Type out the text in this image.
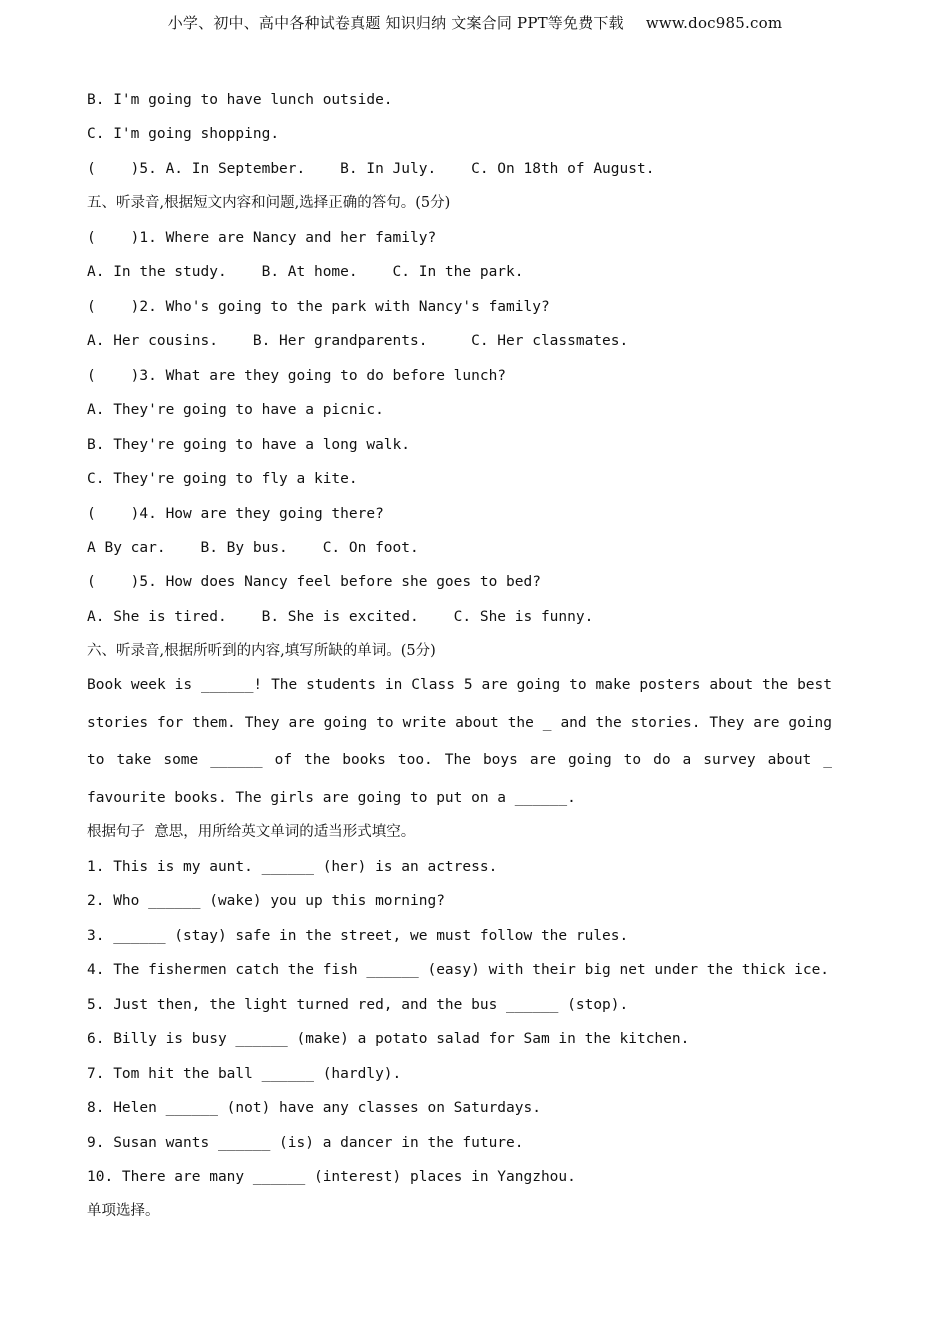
小学、初中、高中各种试卷真题 知识归纳 文案合同 PPT等免费下载 www.doc985.com
B. I'm going to have lunch outside.
C. I'm going shopping.
(    )5. A. In September.    B. In July.    C. On 18th of August.
五、听录音,根据短文内容和问题,选择正确的答句。(5分)
(    )1. Where are Nancy and her family?
A. In the study.    B. At home.    C. In the park.
(    )2. Who's going to the park with Nancy's family?
A. Her cousins.    B. Her grandparents.     C. Her classmates.
(    )3. What are they going to do before lunch?
A. They're going to have a picnic.
B. They're going to have a long walk.
C. They're going to fly a kite.
(    )4. How are they going there?
A By car.    B. By bus.    C. On foot.
(    )5. How does Nancy feel before she goes to bed?
A. She is tired.    B. She is excited.    C. She is funny.
六、听录音,根据所听到的内容,填写所缺的单词。(5分)
Book week is ______! The students in Class 5 are going to make posters about the best stories for them. They are going to write about the _ and the stories. They are going to take some ______ of the books too. The boys are going to do a survey about _ favourite books. The girls are going to put on a ______.
根据句子  意思，用所给英文单词的适当形式填空。
1. This is my aunt. ______ (her) is an actress.
2. Who ______ (wake) you up this morning?
3. ______ (stay) safe in the street, we must follow the rules.
4. The fishermen catch the fish ______ (easy) with their big net under the thick ice.
5. Just then, the light turned red, and the bus ______ (stop).
6. Billy is busy ______ (make) a potato salad for Sam in the kitchen.
7. Tom hit the ball ______ (hardly).
8. Helen ______ (not) have any classes on Saturdays.
9. Susan wants ______ (is) a dancer in the future.
10. There are many ______ (interest) places in Yangzhou.
单项选择。
